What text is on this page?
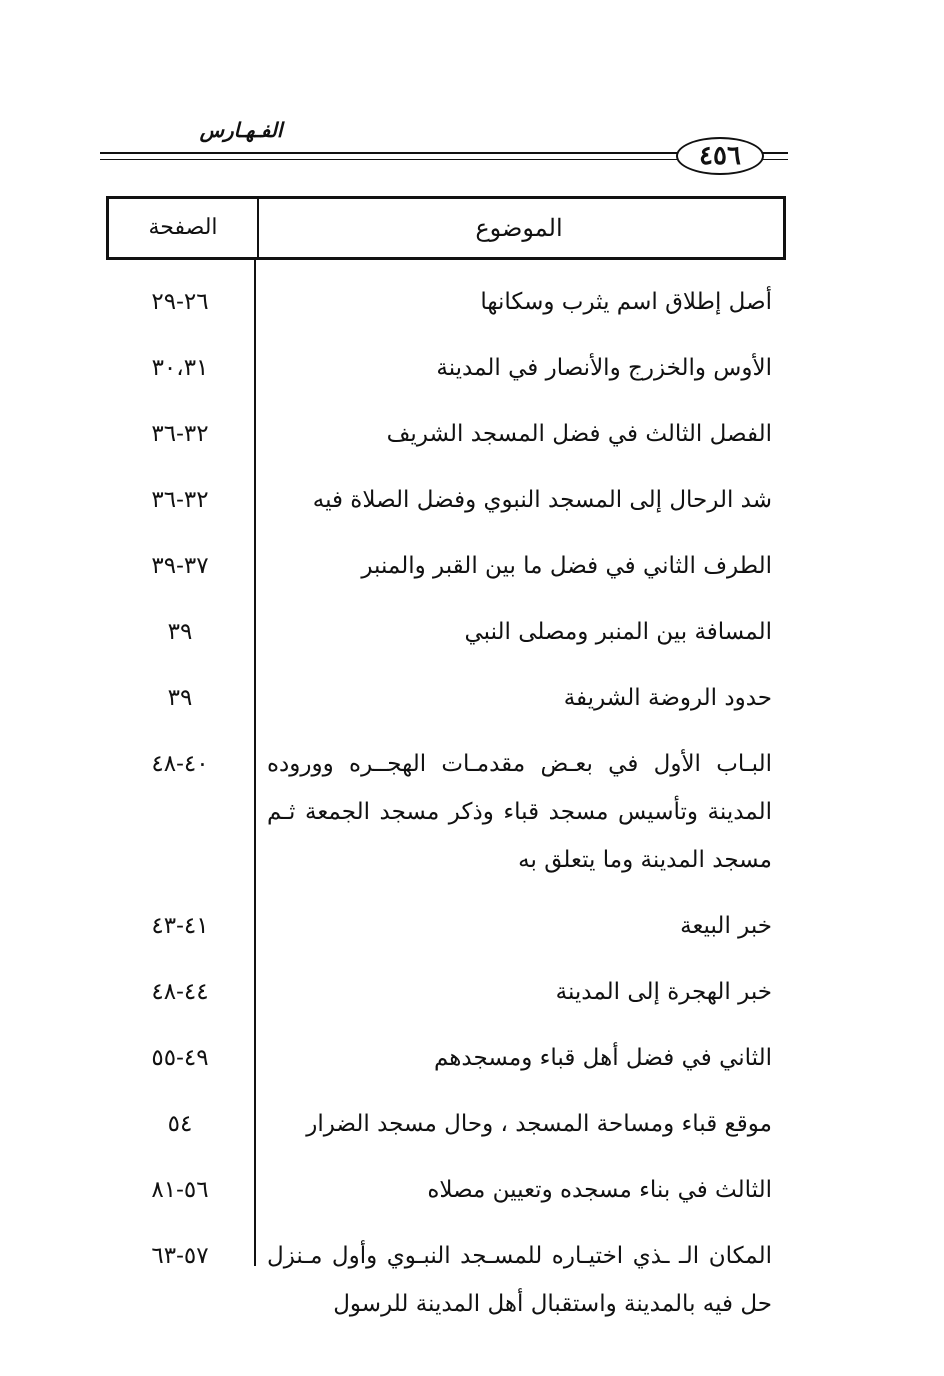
الفـهـارس
٤٥٦
الموضوع
الصفحة
أصل إطلاق اسم يثرب وسكانها
٢٦-٢٩
الأوس والخزرج والأنصار في المدينة
٣٠،٣١
الفصل الثالث في فضل المسجد الشريف
٣٢-٣٦
شد الرحال إلى المسجد النبوي وفضل الصلاة فيه
٣٢-٣٦
الطرف الثاني في فضل ما بين القبر والمنبر
٣٧-٣٩
المسافة بين المنبر ومصلى النبي
٣٩
حدود الروضة الشريفة
٣٩
البـاب الأول في بعـض مقدمـات الهجــره ووروده المدينة وتأسيس مسجد قباء وذكر مسجد الجمعة ثـم مسجد المدينة وما يتعلق به
٤٠-٤٨
خبر البيعة
٤١-٤٣
خبر الهجرة إلى المدينة
٤٤-٤٨
الثاني في فضل أهل قباء ومسجدهم
٤٩-٥٥
موقع قباء ومساحة المسجد ، وحال مسجد الضرار
٥٤
الثالث في بناء مسجده وتعيين مصلاه
٥٦-٨١
المكان الـ ـذي اختيـاره للمسـجد النبـوي وأول مـنزل حل فيه بالمدينة واستقبال أهل المدينة للرسول
٥٧-٦٣
